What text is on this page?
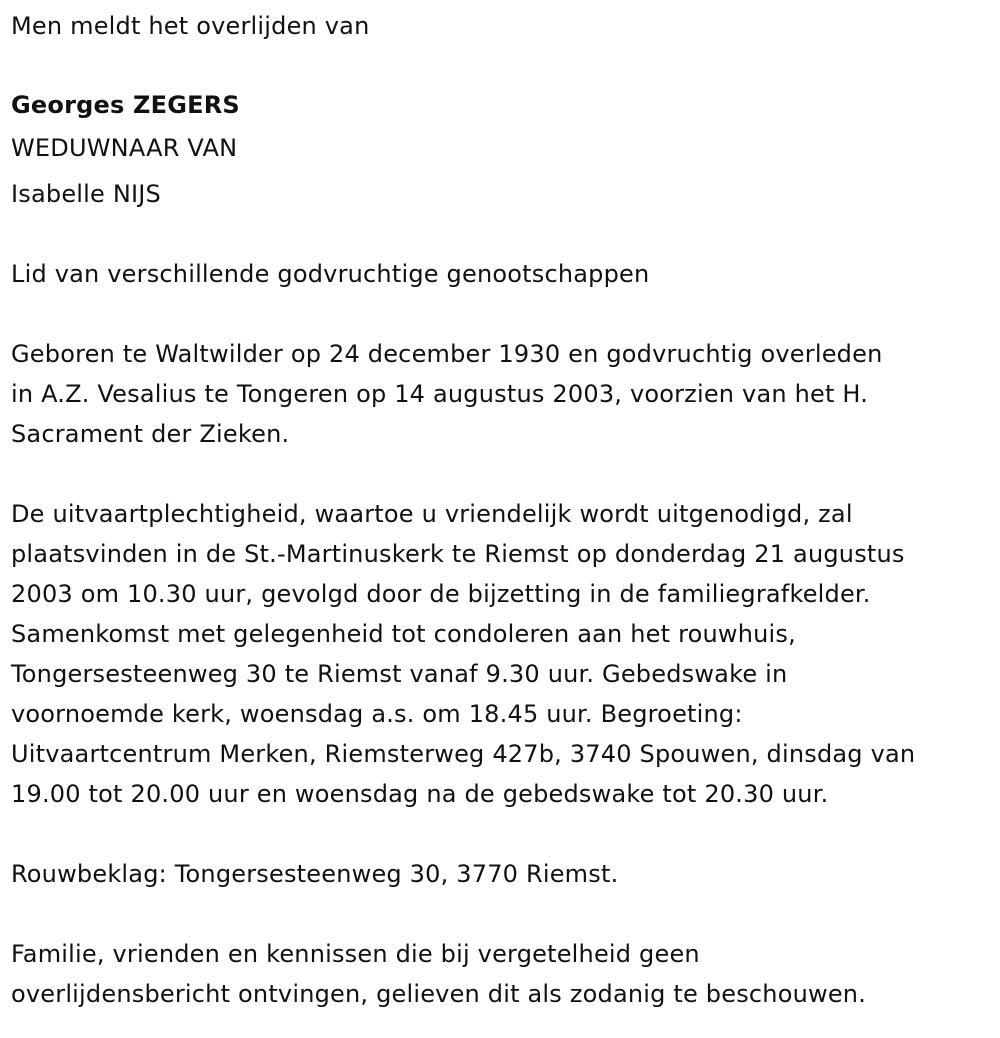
Men meldt het overlijden van
Georges ZEGERS
WEDUWNAAR VAN
Isabelle NIJS
Lid van verschillende godvruchtige genootschappen
Geboren te Waltwilder op 24 december 1930 en godvruchtig overleden
in A.Z. Vesalius te Tongeren op 14 augustus 2003, voorzien van het H.
Sacrament der Zieken.
De uitvaartplechtigheid, waartoe u vriendelijk wordt uitgenodigd, zal
plaatsvinden in de St.-Martinuskerk te Riemst op donderdag 21 augustus
2003 om 10.30 uur, gevolgd door de bijzetting in de familiegrafkelder.
Samenkomst met gelegenheid tot condoleren aan het rouwhuis,
Tongersesteenweg 30 te Riemst vanaf 9.30 uur. Gebedswake in
voornoemde kerk, woensdag a.s. om 18.45 uur. Begroeting:
Uitvaartcentrum Merken, Riemsterweg 427b, 3740 Spouwen, dinsdag van
19.00 tot 20.00 uur en woensdag na de gebedswake tot 20.30 uur.
Rouwbeklag: Tongersesteenweg 30, 3770 Riemst.
Familie, vrienden en kennissen die bij vergetelheid geen
overlijdensbericht ontvingen, gelieven dit als zodanig te beschouwen.
